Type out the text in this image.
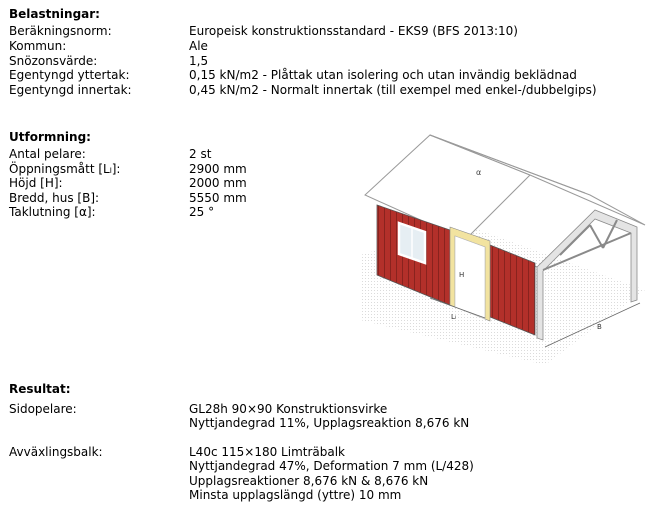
Belastningar:
Beräkningsnorm:	Europeisk konstruktionsstandard - EKS9 (BFS 2013:10)
Kommun:	Ale
Snözonsvärde:	1,5
Egentyngd yttertak:	0,15 kN/m2 - Plåttak utan isolering och utan invändig beklädnad
Egentyngd innertak:	0,45 kN/m2 - Normalt innertak (till exempel med enkel-/dubbelgips)
Utformning:
Antal pelare:	2 st
Öppningsmått [Lₗ]:	2900 mm
Höjd [H]:	2000 mm
Bredd, hus [B]:	5550 mm
Taklutning [α]:	25 °
α
H
Lₗ
B
Resultat:
Sidopelare:	GL28h 90×90 Konstruktionsvirke
Nyttjandegrad 11%, Upplagsreaktion 8,676 kN
Avväxlingsbalk:	L40c 115×180 Limträbalk
Nyttjandegrad 47%, Deformation 7 mm (L/428)
Upplagsreaktioner 8,676 kN & 8,676 kN
Minsta upplagslängd (yttre) 10 mm
